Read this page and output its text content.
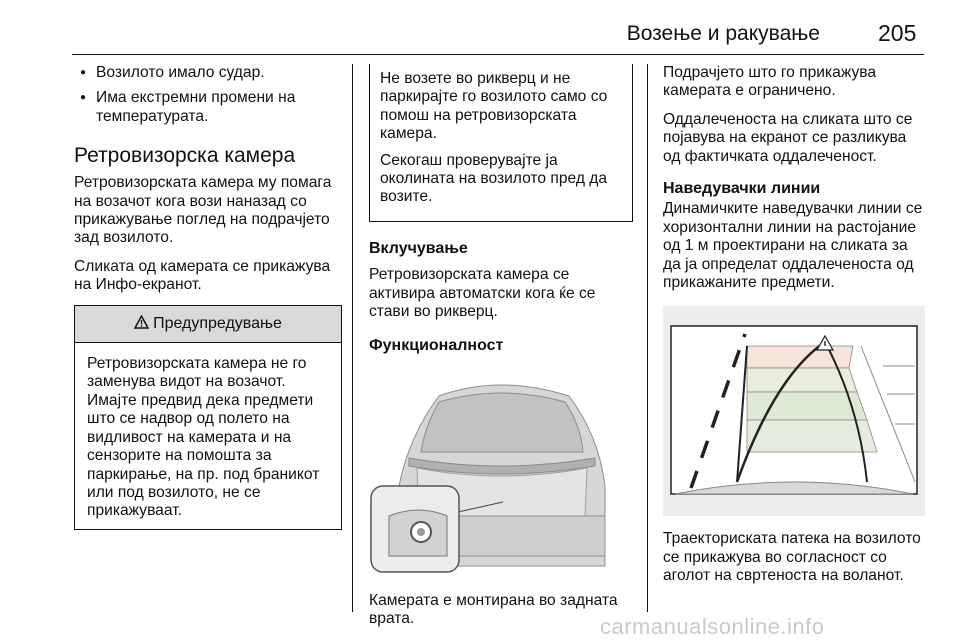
Возење и ракување	205
● Возилото имало судар.
● Има екстремни промени на температурата.
Ретровизорска камера

Ретровизорската камера му помага на возачот кога вози наназад со прикажување поглед на подрачјето зад возилото.

Сликата од камерата се прикажува на Инфо-екранот.

Предупредување
Ретровизорската камера не го заменува видот на возачот. Имајте предвид дека предмети што се надвор од полето на видливост на камерата и на сензорите на помошта за паркирање, на пр. под браникот или под возилото, не се прикажуваат.

Не возете во рикверц и не паркирајте го возилото само со помош на ретровизорската камера.

Секогаш проверувајте ја околината на возилото пред да возите.

Вклучување

Ретровизорската камера се активира автоматски кога ќе се стави во рикверц.

Функционалност

Камерата е монтирана во задната врата.

Подрачјето што го прикажува камерата е ограничено.

Оддалеченоста на сликата што се појавува на екранот се разликува од фактичката оддалеченост.

Наведувачки линии

Динамичките наведувачки линии се хоризонтални линии на растојание од 1 м проектирани на сликата за да ја определат оддалеченоста од прикажаните предмети.

Траекториската патека на возилото се прикажува во согласност со аголот на свртеноста на воланот.

carmanualsonline.info
